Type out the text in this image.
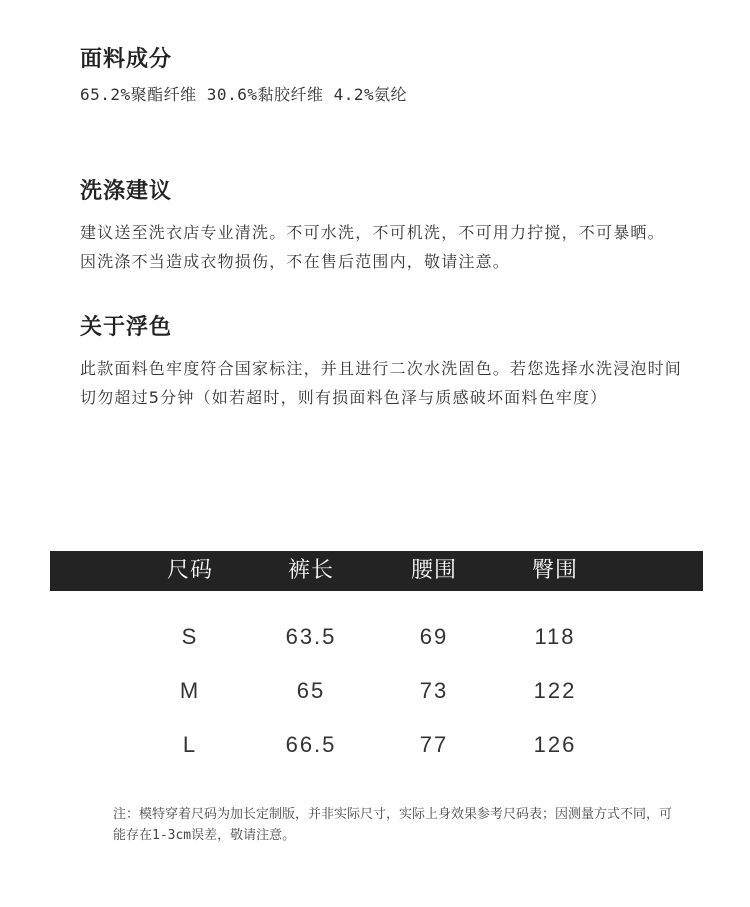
面料成分
65.2%聚酯纤维 30.6%黏胶纤维 4.2%氨纶
洗涤建议
建议送至洗衣店专业清洗。不可水洗，不可机洗，不可用力拧搅，不可暴晒。因洗涤不当造成衣物损伤，不在售后范围内，敬请注意。
关于浮色
此款面料色牢度符合国家标注，并且进行二次水洗固色。若您选择水洗浸泡时间切勿超过5分钟（如若超时，则有损面料色泽与质感破坏面料色牢度）
尺码	裤长	腰围	臀围
S	63.5	69	118
M	65	73	122
L	66.5	77	126
注：模特穿着尺码为加长定制版，并非实际尺寸，实际上身效果参考尺码表；因测量方式不同，可能存在1-3cm误差，敬请注意。
